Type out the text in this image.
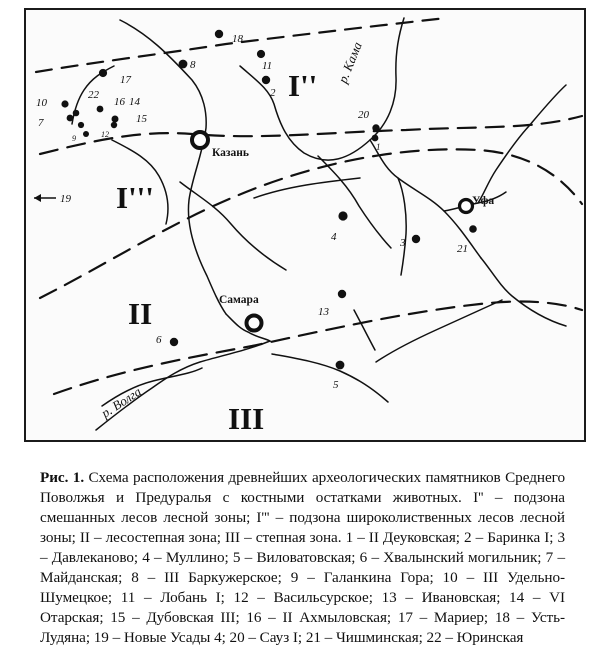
Казань
Уфа
Самара
I''
I'''
II
III
р. Кама
р. Волга
1
2
3
4
5
6
7
8
9
10
11
12
13
14
15
16
17
18
20
21
22
19
Рис. 1. Схема расположения древнейших археологических памятников Среднего Поволжья и Предуралья с костными остатками животных. I'' – подзона смешанных лесов лесной зоны; I''' – подзона широколиственных лесов лесной зоны; II – лесостепная зона; III – степная зона. 1 – II Деуковская; 2 – Баринка I; 3 – Давлеканово; 4 – Муллино; 5 – Виловатовская; 6 – Хвалынский могильник; 7 – Майданская; 8 – III Баркужерское; 9 – Галанкина Гора; 10 – III Удельно-Шумецкое; 11 – Лобань I; 12 – Васильсурское; 13 – Ивановская; 14 – VI Отарская; 15 – Дубовская III; 16 – II Ахмыловская; 17 – Мариер; 18 – Усть-Лудяна; 19 – Новые Усады 4; 20 – Сауз I; 21 – Чишминская; 22 – Юринская
